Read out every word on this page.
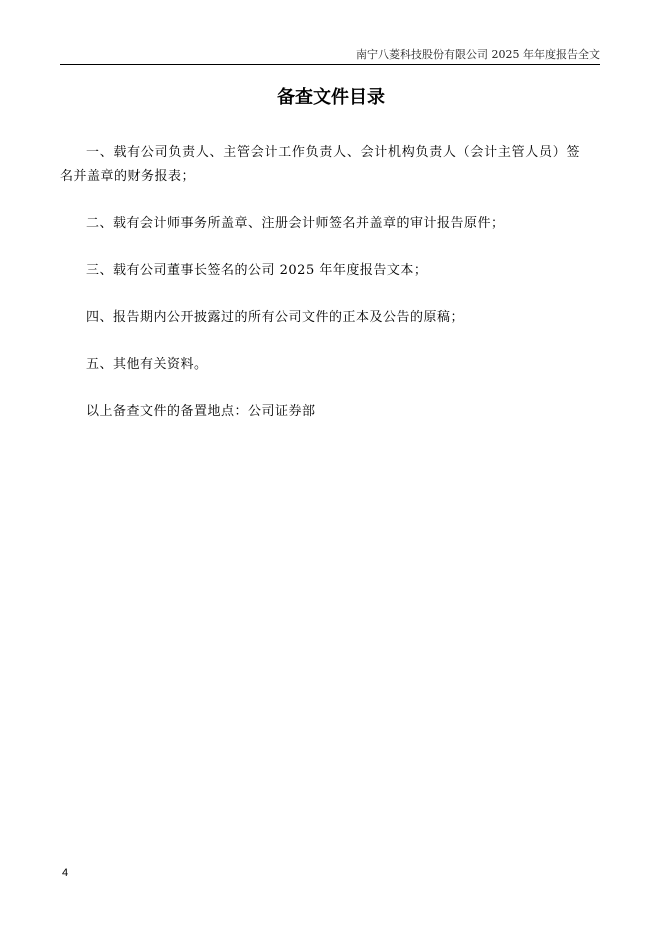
南宁八菱科技股份有限公司 2025 年年度报告全文
备查文件目录

一、载有公司负责人、主管会计工作负责人、会计机构负责人（会计主管人员）签名并盖章的财务报表；

二、载有会计师事务所盖章、注册会计师签名并盖章的审计报告原件；

三、载有公司董事长签名的公司 2025 年年度报告文本；

四、报告期内公开披露过的所有公司文件的正本及公告的原稿；

五、其他有关资料。

以上备查文件的备置地点：公司证券部

4
